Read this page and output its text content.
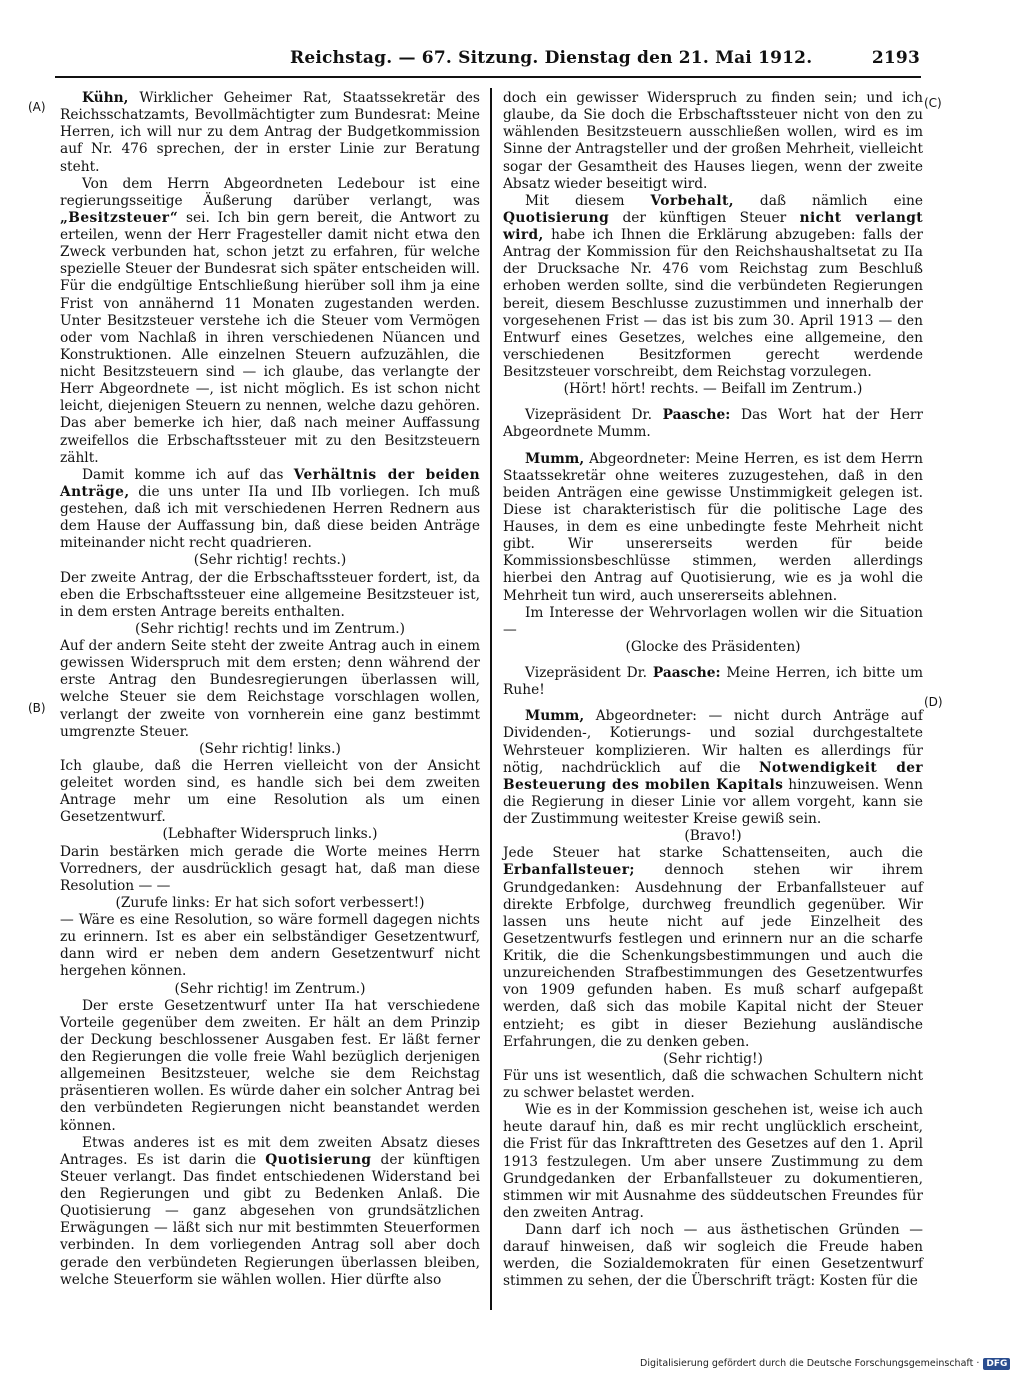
Reichstag. — 67. Sitzung. Dienstag den 21. Mai 1912.	2193
(A)
(B)
(C)
(D)

Kühn, Wirklicher Geheimer Rat, Staatssekretär des Reichsschatzamts, Bevollmächtigter zum Bundesrat: Meine Herren, ich will nur zu dem Antrag der Budgetkommission auf Nr. 476 sprechen, der in erster Linie zur Beratung steht.

Von dem Herrn Abgeordneten Ledebour ist eine regierungsseitige Äußerung darüber verlangt, was „Besitzsteuer“ sei. Ich bin gern bereit, die Antwort zu erteilen, wenn der Herr Fragesteller damit nicht etwa den Zweck verbunden hat, schon jetzt zu erfahren, für welche spezielle Steuer der Bundesrat sich später entscheiden will. Für die endgültige Entschließung hierüber soll ihm ja eine Frist von annähernd 11 Monaten zugestanden werden. Unter Besitzsteuer verstehe ich die Steuer vom Vermögen oder vom Nachlaß in ihren verschiedenen Nüancen und Konstruktionen. Alle einzelnen Steuern aufzuzählen, die nicht Besitzsteuern sind — ich glaube, das verlangte der Herr Abgeordnete —, ist nicht möglich. Es ist schon nicht leicht, diejenigen Steuern zu nennen, welche dazu gehören. Das aber bemerke ich hier, daß nach meiner Auffassung zweifellos die Erbschaftssteuer mit zu den Besitzsteuern zählt.

Damit komme ich auf das Verhältnis der beiden Anträge, die uns unter IIa und IIb vorliegen. Ich muß gestehen, daß ich mit verschiedenen Herren Rednern aus dem Hause der Auffassung bin, daß diese beiden Anträge miteinander nicht recht quadrieren.

(Sehr richtig! rechts.)

Der zweite Antrag, der die Erbschaftssteuer fordert, ist, da eben die Erbschaftssteuer eine allgemeine Besitzsteuer ist, in dem ersten Antrage bereits enthalten.

(Sehr richtig! rechts und im Zentrum.)

Auf der andern Seite steht der zweite Antrag auch in einem gewissen Widerspruch mit dem ersten; denn während der erste Antrag den Bundesregierungen überlassen will, welche Steuer sie dem Reichstage vorschlagen wollen, verlangt der zweite von vornherein eine ganz bestimmt umgrenzte Steuer.

(Sehr richtig! links.)

Ich glaube, daß die Herren vielleicht von der Ansicht geleitet worden sind, es handle sich bei dem zweiten Antrage mehr um eine Resolution als um einen Gesetzentwurf.

(Lebhafter Widerspruch links.)

Darin bestärken mich gerade die Worte meines Herrn Vorredners, der ausdrücklich gesagt hat, daß man diese Resolution — —

(Zurufe links: Er hat sich sofort verbessert!)

— Wäre es eine Resolution, so wäre formell dagegen nichts zu erinnern. Ist es aber ein selbständiger Gesetzentwurf, dann wird er neben dem andern Gesetzentwurf nicht hergehen können.

(Sehr richtig! im Zentrum.)

Der erste Gesetzentwurf unter IIa hat verschiedene Vorteile gegenüber dem zweiten. Er hält an dem Prinzip der Deckung beschlossener Ausgaben fest. Er läßt ferner den Regierungen die volle freie Wahl bezüglich derjenigen allgemeinen Besitzsteuer, welche sie dem Reichstag präsentieren wollen. Es würde daher ein solcher Antrag bei den verbündeten Regierungen nicht beanstandet werden können.

Etwas anderes ist es mit dem zweiten Absatz dieses Antrages. Es ist darin die Quotisierung der künftigen Steuer verlangt. Das findet entschiedenen Widerstand bei den Regierungen und gibt zu Bedenken Anlaß. Die Quotisierung — ganz abgesehen von grundsätzlichen Erwägungen — läßt sich nur mit bestimmten Steuerformen verbinden. In dem vorliegenden Antrag soll aber doch gerade den verbündeten Regierungen überlassen bleiben, welche Steuerform sie wählen wollen. Hier dürfte also

doch ein gewisser Widerspruch zu finden sein; und ich glaube, da Sie doch die Erbschaftssteuer nicht von den zu wählenden Besitzsteuern ausschließen wollen, wird es im Sinne der Antragsteller und der großen Mehrheit, vielleicht sogar der Gesamtheit des Hauses liegen, wenn der zweite Absatz wieder beseitigt wird.

Mit diesem Vorbehalt, daß nämlich eine Quotisierung der künftigen Steuer nicht verlangt wird, habe ich Ihnen die Erklärung abzugeben: falls der Antrag der Kommission für den Reichshaushaltsetat zu IIa der Drucksache Nr. 476 vom Reichstag zum Beschluß erhoben werden sollte, sind die verbündeten Regierungen bereit, diesem Beschlusse zuzustimmen und innerhalb der vorgesehenen Frist — das ist bis zum 30. April 1913 — den Entwurf eines Gesetzes, welches eine allgemeine, den verschiedenen Besitzformen gerecht werdende Besitzsteuer vorschreibt, dem Reichstag vorzulegen.

(Hört! hört! rechts. — Beifall im Zentrum.)

Vizepräsident Dr. Paasche: Das Wort hat der Herr Abgeordnete Mumm.

Mumm, Abgeordneter: Meine Herren, es ist dem Herrn Staatssekretär ohne weiteres zuzugestehen, daß in den beiden Anträgen eine gewisse Unstimmigkeit gelegen ist. Diese ist charakteristisch für die politische Lage des Hauses, in dem es eine unbedingte feste Mehrheit nicht gibt. Wir unsererseits werden für beide Kommissionsbeschlüsse stimmen, werden allerdings hierbei den Antrag auf Quotisierung, wie es ja wohl die Mehrheit tun wird, auch unsererseits ablehnen.

Im Interesse der Wehrvorlagen wollen wir die Situation —

(Glocke des Präsidenten)

Vizepräsident Dr. Paasche: Meine Herren, ich bitte um Ruhe!

Mumm, Abgeordneter: — nicht durch Anträge auf Dividenden-, Kotierungs- und sozial durchgestaltete Wehrsteuer komplizieren. Wir halten es allerdings für nötig, nachdrücklich auf die Notwendigkeit der Besteuerung des mobilen Kapitals hinzuweisen. Wenn die Regierung in dieser Linie vor allem vorgeht, kann sie der Zustimmung weitester Kreise gewiß sein.

(Bravo!)

Jede Steuer hat starke Schattenseiten, auch die Erbanfallsteuer; dennoch stehen wir ihrem Grundgedanken: Ausdehnung der Erbanfallsteuer auf direkte Erbfolge, durchweg freundlich gegenüber. Wir lassen uns heute nicht auf jede Einzelheit des Gesetzentwurfs festlegen und erinnern nur an die scharfe Kritik, die die Schenkungsbestimmungen und auch die unzureichenden Strafbestimmungen des Gesetzentwurfes von 1909 gefunden haben. Es muß scharf aufgepaßt werden, daß sich das mobile Kapital nicht der Steuer entzieht; es gibt in dieser Beziehung ausländische Erfahrungen, die zu denken geben.

(Sehr richtig!)

Für uns ist wesentlich, daß die schwachen Schultern nicht zu schwer belastet werden.

Wie es in der Kommission geschehen ist, weise ich auch heute darauf hin, daß es mir recht unglücklich erscheint, die Frist für das Inkrafttreten des Gesetzes auf den 1. April 1913 festzulegen. Um aber unsere Zustimmung zu dem Grundgedanken der Erbanfallsteuer zu dokumentieren, stimmen wir mit Ausnahme des süddeutschen Freundes für den zweiten Antrag.

Dann darf ich noch — aus ästhetischen Gründen — darauf hinweisen, daß wir sogleich die Freude haben werden, die Sozialdemokraten für einen Gesetzentwurf stimmen zu sehen, der die Überschrift trägt: Kosten für die

Digitalisierung gefördert durch die Deutsche Forschungsgemeinschaft · DFG
